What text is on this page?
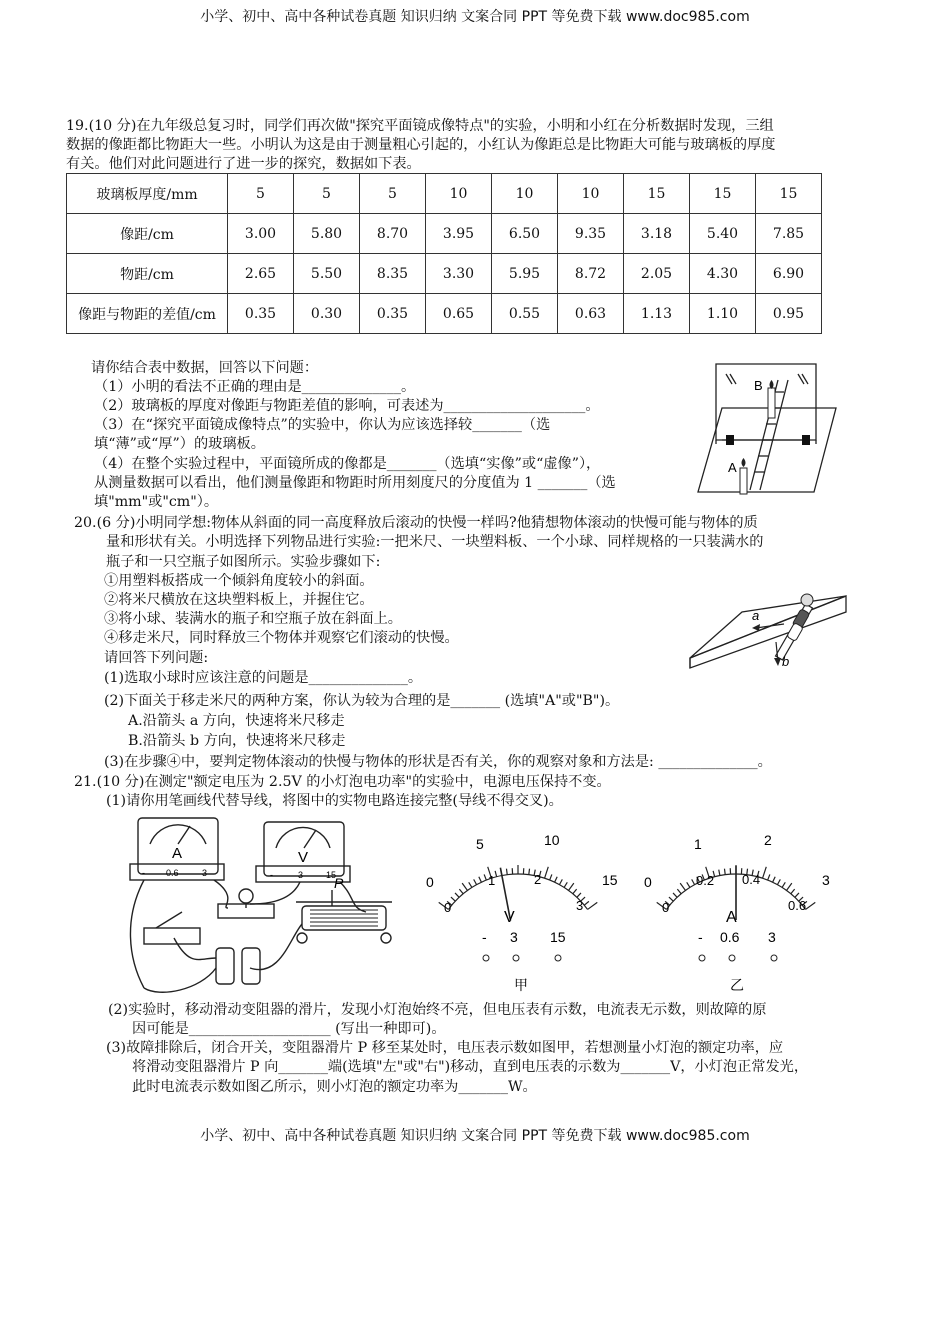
小学、初中、高中各种试卷真题 知识归纳 文案合同 PPT 等免费下载 www.doc985.com
小学、初中、高中各种试卷真题 知识归纳 文案合同 PPT 等免费下载 www.doc985.com
19.(10 分)在九年级总复习时，同学们再次做"探究平面镜成像特点"的实验，小明和小红在分析数据时发现，三组
数据的像距都比物距大一些。小明认为这是由于测量粗心引起的，小红认为像距总是比物距大可能与玻璃板的厚度
有关。他们对此问题进行了进一步的探究，数据如下表。
玻璃板厚度/mm	5	5	5	10	10	10	15	15	15
像距/cm	3.00	5.80	8.70	3.95	6.50	9.35	3.18	5.40	7.85
物距/cm	2.65	5.50	8.35	3.30	5.95	8.72	2.05	4.30	6.90
像距与物距的差值/cm	0.35	0.30	0.35	0.65	0.55	0.63	1.13	1.10	0.95
请你结合表中数据，回答以下问题：
（1）小明的看法不正确的理由是______________。
（2）玻璃板的厚度对像距与物距差值的影响，可表述为____________________。
（3）在“探究平面镜成像特点”的实验中，你认为应该选择较_______（选
填“薄”或“厚”）的玻璃板。
（4）在整个实验过程中，平面镜所成的像都是_______（选填“实像”或“虚像”），
从测量数据可以看出，他们测量像距和物距时所用刻度尺的分度值为 1 _______（选
填"mm"或"cm"）。
B
A
20.(6 分)小明同学想:物体从斜面的同一高度释放后滚动的快慢一样吗?他猜想物体滚动的快慢可能与物体的质
量和形状有关。小明选择下列物品进行实验:一把米尺、一块塑料板、一个小球、同样规格的一只装满水的
瓶子和一只空瓶子如图所示。实验步骤如下:
①用塑料板搭成一个倾斜角度较小的斜面。
②将米尺横放在这块塑料板上，并握住它。
③将小球、装满水的瓶子和空瓶子放在斜面上。
④移走米尺，同时释放三个物体并观察它们滚动的快慢。
请回答下列问题:
(1)选取小球时应该注意的问题是______________。
(2)下面关于移走米尺的两种方案，你认为较为合理的是_______ (选填"A"或"B")。
A.沿箭头 a 方向，快速将米尺移走
B.沿箭头 b 方向，快速将米尺移走
(3)在步骤④中，要判定物体滚动的快慢与物体的形状是否有关，你的观察对象和方法是: ______________。
a
b
21.(10 分)在测定"额定电压为 2.5V 的小灯泡电功率"的实验中，电源电压保持不变。
(1)请你用笔画线代替导线，将图中的实物电路连接完整(导线不得交叉)。
A	V
- 0.6	3	-	3	15
P	0
5	10
15
0
1	2
3
V
- 3 15
甲
0
1	2
3
0
0.2 0.4
0.6
A
- 0.6 3
乙
(2)实验时，移动滑动变阻器的滑片，发现小灯泡始终不亮，但电压表有示数，电流表无示数，则故障的原
因可能是____________________ (写出一种即可)。
(3)故障排除后，闭合开关，变阻器滑片 P 移至某处时，电压表示数如图甲，若想测量小灯泡的额定功率，应
将滑动变阻器滑片 P 向_______端(选填"左"或"右")移动，直到电压表的示数为_______V，小灯泡正常发光，
此时电流表示数如图乙所示，则小灯泡的额定功率为_______W。
